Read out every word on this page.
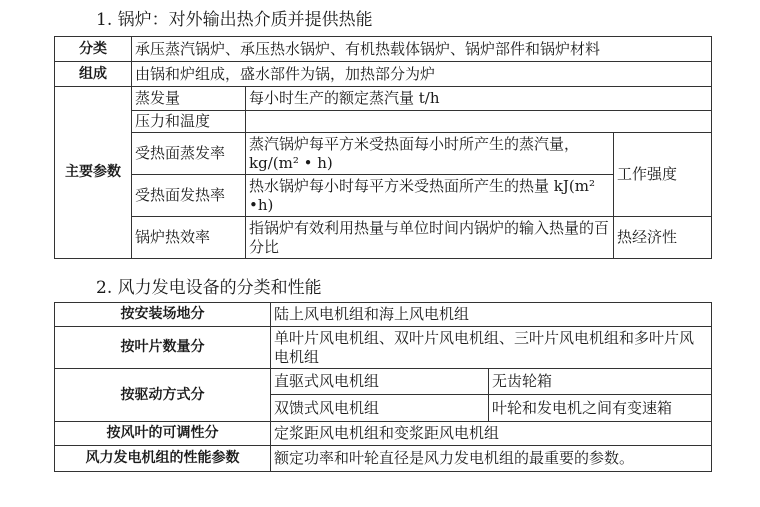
1. 锅炉：对外输出热介质并提供热能
分类	承压蒸汽锅炉、承压热水锅炉、有机热载体锅炉、锅炉部件和锅炉材料		
组成	由锅和炉组成，盛水部件为锅，加热部分为炉		
主要参数	蒸发量	每小时生产的额定蒸汽量 t/h	
	压力和温度		
	受热面蒸发率	蒸汽锅炉每平方米受热面每小时所产生的蒸汽量，kg/(m² • h)	工作强度
	受热面发热率	热水锅炉每小时每平方米受热面所产生的热量 kJ(m² •h)	
	锅炉热效率	指锅炉有效利用热量与单位时间内锅炉的输入热量的百分比	热经济性
2. 风力发电设备的分类和性能
按安装场地分	陆上风电机组和海上风电机组	
按叶片数量分	单叶片风电机组、双叶片风电机组、三叶片风电机组和多叶片风电机组	
按驱动方式分	直驱式风电机组	无齿轮箱
	双馈式风电机组	叶轮和发电机之间有变速箱
按风叶的可调性分	定浆距风电机组和变浆距风电机组	
风力发电机组的性能参数	额定功率和叶轮直径是风力发电机组的最重要的参数。	
